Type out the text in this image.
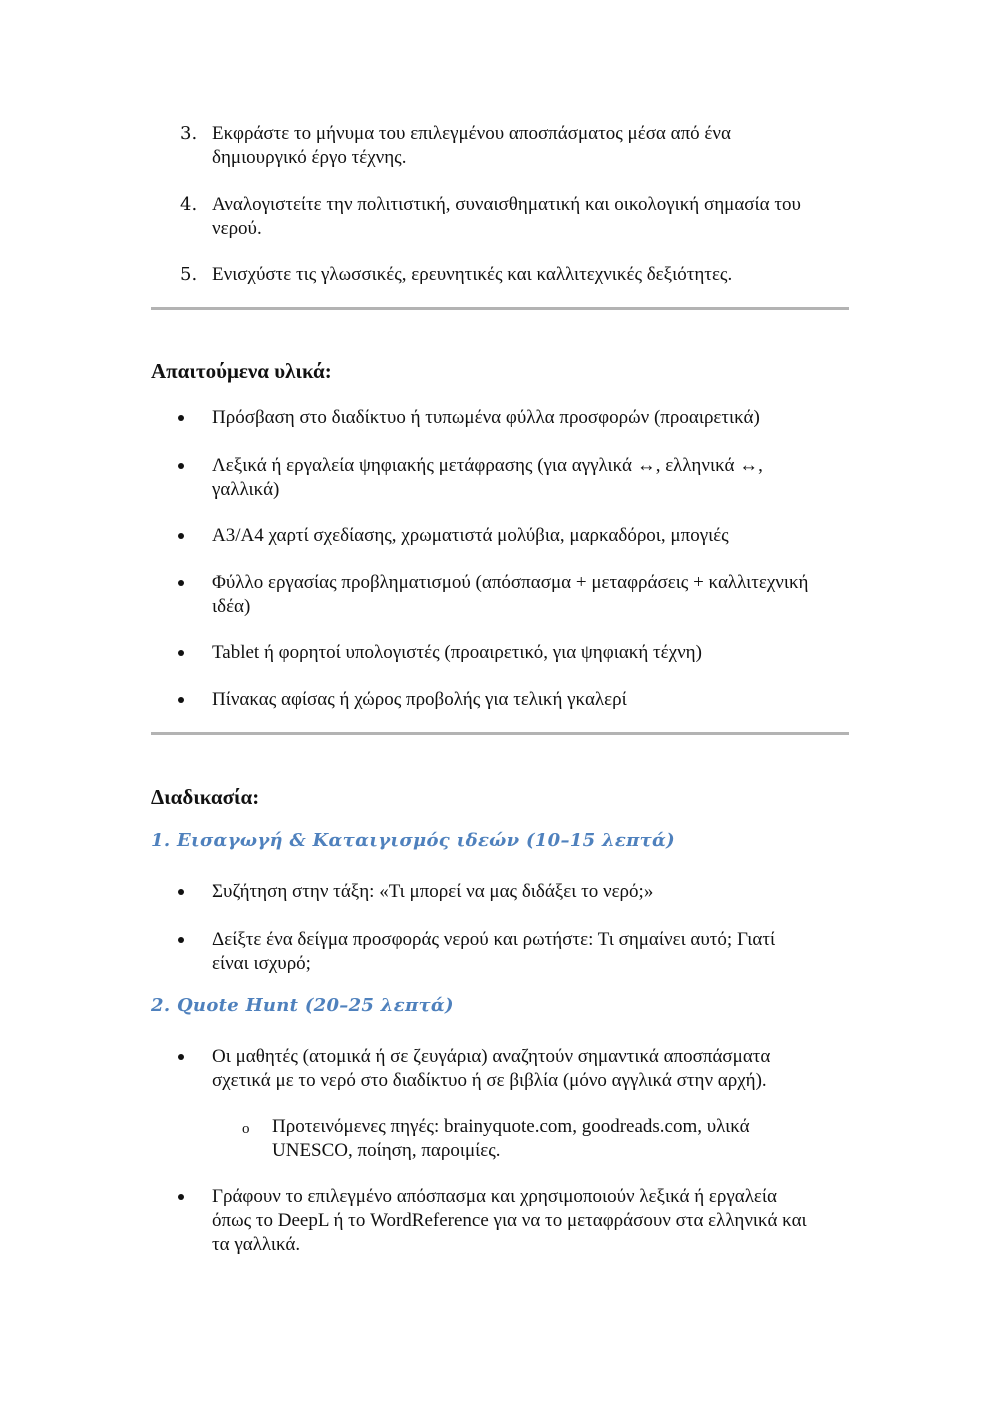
3. Εκφράστε το μήνυμα του επιλεγμένου αποσπάσματος μέσα από ένα
δημιουργικό έργο τέχνης.
4. Αναλογιστείτε την πολιτιστική, συναισθηματική και οικολογική σημασία του
νερού.
5. Ενισχύστε τις γλωσσικές, ερευνητικές και καλλιτεχνικές δεξιότητες.
Απαιτούμενα υλικά:
Πρόσβαση στο διαδίκτυο ή τυπωμένα φύλλα προσφορών (προαιρετικά)
Λεξικά ή εργαλεία ψηφιακής μετάφρασης (για αγγλικά ↔, ελληνικά ↔,
γαλλικά)
A3/A4 χαρτί σχεδίασης, χρωματιστά μολύβια, μαρκαδόροι, μπογιές
Φύλλο εργασίας προβληματισμού (απόσπασμα + μεταφράσεις + καλλιτεχνική
ιδέα)
Tablet ή φορητοί υπολογιστές (προαιρετικό, για ψηφιακή τέχνη)
Πίνακας αφίσας ή χώρος προβολής για τελική γκαλερί
Διαδικασία:
1. Εισαγωγή & Καταιγισμός ιδεών (10–15 λεπτά)
Συζήτηση στην τάξη: «Τι μπορεί να μας διδάξει το νερό;»
Δείξτε ένα δείγμα προσφοράς νερού και ρωτήστε: Τι σημαίνει αυτό; Γιατί
είναι ισχυρό;
2. Quote Hunt (20–25 λεπτά)
Οι μαθητές (ατομικά ή σε ζευγάρια) αναζητούν σημαντικά αποσπάσματα
σχετικά με το νερό στο διαδίκτυο ή σε βιβλία (μόνο αγγλικά στην αρχή).
o Προτεινόμενες πηγές: brainyquote.com, goodreads.com, υλικά
UNESCO, ποίηση, παροιμίες.
Γράφουν το επιλεγμένο απόσπασμα και χρησιμοποιούν λεξικά ή εργαλεία
όπως το DeepL ή το WordReference για να το μεταφράσουν στα ελληνικά και
τα γαλλικά.
